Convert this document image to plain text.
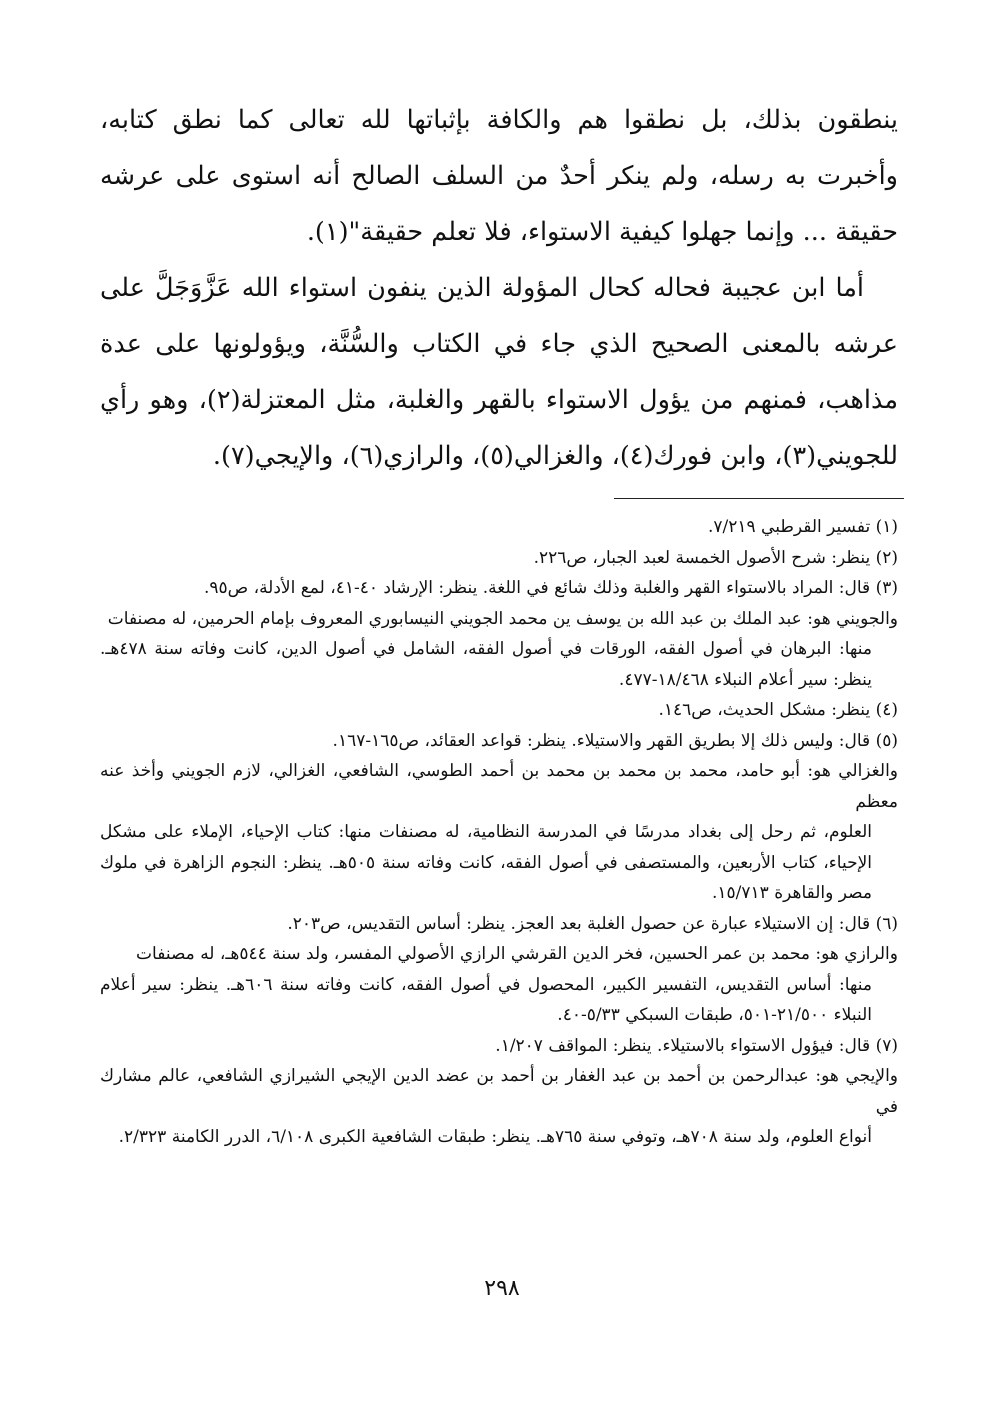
ينطقون بذلك، بل نطقوا هم والكافة بإثباتها لله تعالى كما نطق كتابه، وأخبرت به رسله، ولم ينكر أحدٌ من السلف الصالح أنه استوى على عرشه حقيقة ... وإنما جهلوا كيفية الاستواء، فلا تعلم حقيقة"(١).

أما ابن عجيبة فحاله كحال المؤولة الذين ينفون استواء الله عَزَّوَجَلَّ على عرشه بالمعنى الصحيح الذي جاء في الكتاب والسُّنَّة، ويؤولونها على عدة مذاهب، فمنهم من يؤول الاستواء بالقهر والغلبة، مثل المعتزلة(٢)، وهو رأي للجويني(٣)، وابن فورك(٤)، والغزالي(٥)، والرازي(٦)، والإيجي(٧).

(١) تفسير القرطبي ٧/٢١٩.

(٢) ينظر: شرح الأصول الخمسة لعبد الجبار، ص٢٢٦.

(٣) قال: المراد بالاستواء القهر والغلبة وذلك شائع في اللغة. ينظر: الإرشاد ٤٠-٤١، لمع الأدلة، ص٩٥.

والجويني هو: عبد الملك بن عبد الله بن يوسف ين محمد الجويني النيسابوري المعروف بإمام الحرمين، له مصنفات
منها: البرهان في أصول الفقه، الورقات في أصول الفقه، الشامل في أصول الدين، كانت وفاته سنة ٤٧٨هـ. ينظر: سير أعلام النبلاء ١٨/٤٦٨-٤٧٧.

(٤) ينظر: مشكل الحديث، ص١٤٦.

(٥) قال: وليس ذلك إلا بطريق القهر والاستيلاء. ينظر: قواعد العقائد، ص١٦٥-١٦٧.

والغزالي هو: أبو حامد، محمد بن محمد بن محمد بن أحمد الطوسي، الشافعي، الغزالي، لازم الجويني وأخذ عنه معظم
العلوم، ثم رحل إلى بغداد مدرسًا في المدرسة النظامية، له مصنفات منها: كتاب الإحياء، الإملاء على مشكل الإحياء، كتاب الأربعين، والمستصفى في أصول الفقه، كانت وفاته سنة ٥٠٥هـ. ينظر: النجوم الزاهرة في ملوك مصر والقاهرة ١٥/٧١٣.

(٦) قال: إن الاستيلاء عبارة عن حصول الغلبة بعد العجز. ينظر: أساس التقديس، ص٢٠٣.

والرازي هو: محمد بن عمر الحسين، فخر الدين القرشي الرازي الأصولي المفسر، ولد سنة ٥٤٤هـ، له مصنفات
منها: أساس التقديس، التفسير الكبير، المحصول في أصول الفقه، كانت وفاته سنة ٦٠٦هـ. ينظر: سير أعلام النبلاء ٢١/٥٠٠-٥٠١، طبقات السبكي ٥/٣٣-٤٠.

(٧) قال: فيؤول الاستواء بالاستيلاء. ينظر: المواقف ١/٢٠٧.

والإيجي هو: عبدالرحمن بن أحمد بن عبد الغفار بن أحمد بن عضد الدين الإيجي الشيرازي الشافعي، عالم مشارك في
أنواع العلوم، ولد سنة ٧٠٨هـ، وتوفي سنة ٧٦٥هـ. ينظر: طبقات الشافعية الكبرى ٦/١٠٨، الدرر الكامنة ٢/٣٢٣.

٢٩٨
